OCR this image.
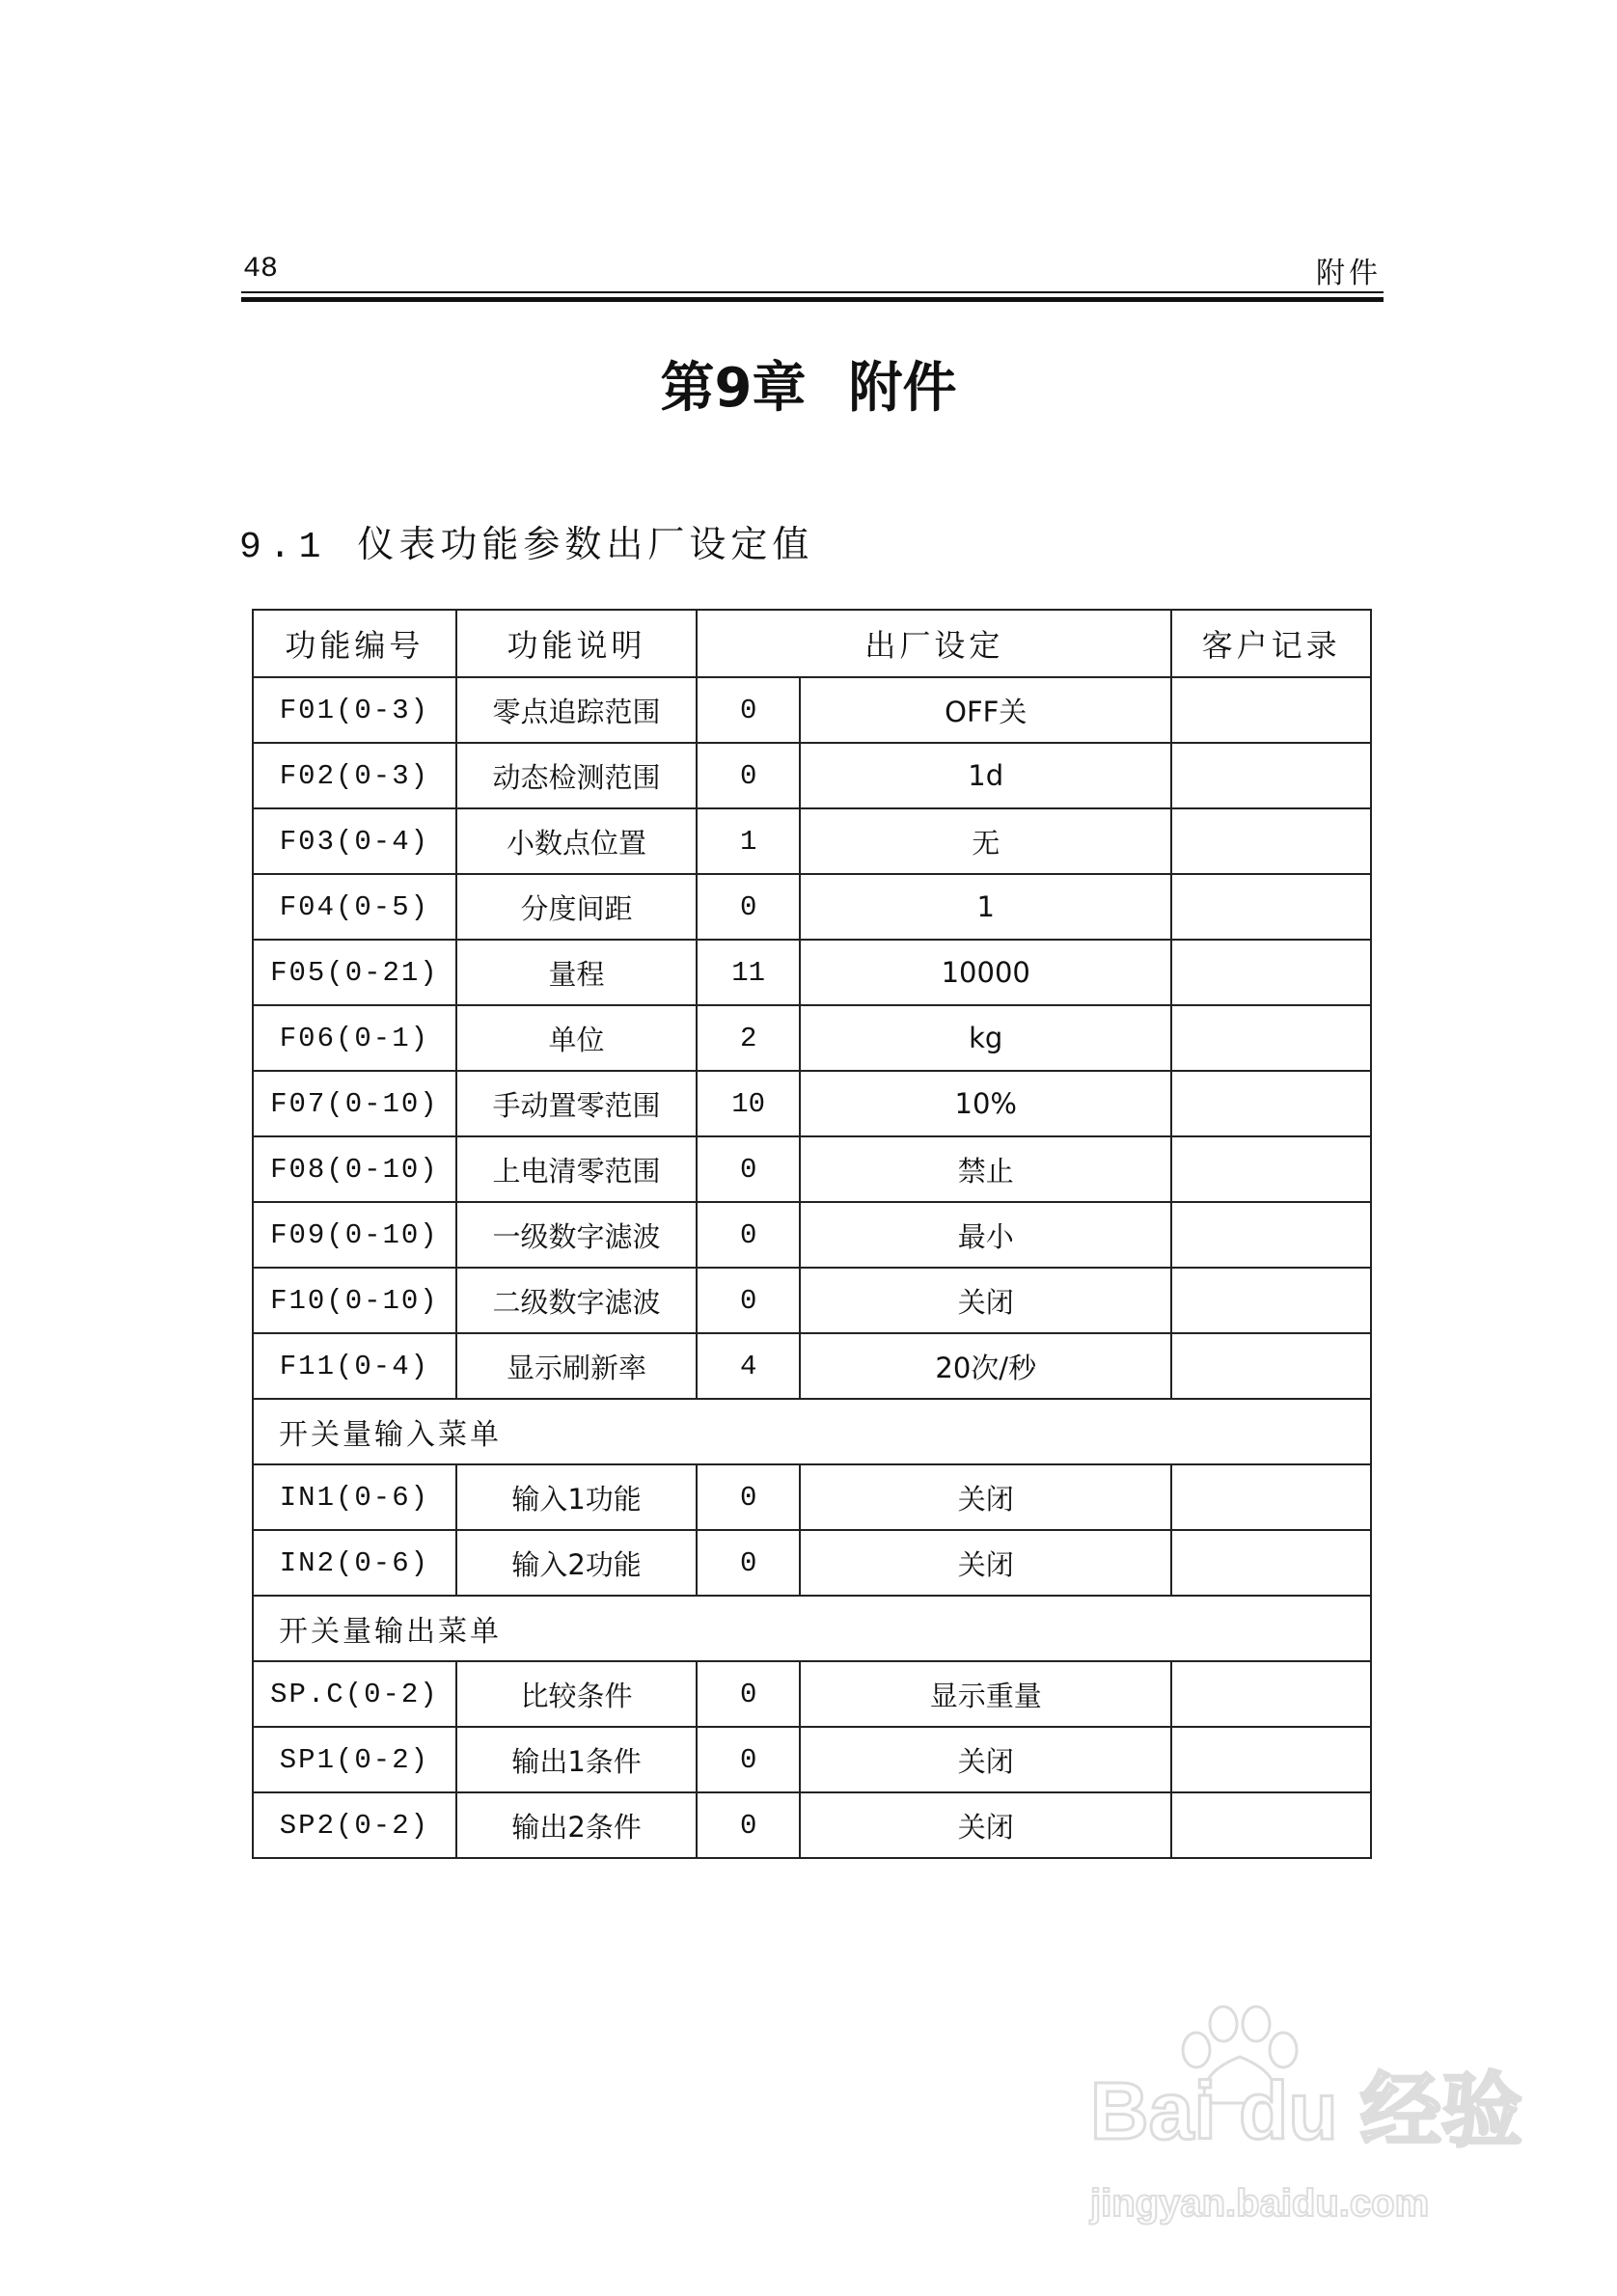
48	附件
第9章 附件
9.1 仪表功能参数出厂设定值
功能编号	功能说明	出厂设定		客户记录
F01(0-3)	零点追踪范围	0	OFF关	
F02(0-3)	动态检测范围	0	1d	
F03(0-4)	小数点位置	1	无	
F04(0-5)	分度间距	0	1	
F05(0-21)	量程	11	10000	
F06(0-1)	单位	2	kg	
F07(0-10)	手动置零范围	10	10%	
F08(0-10)	上电清零范围	0	禁止	
F09(0-10)	一级数字滤波	0	最小	
F10(0-10)	二级数字滤波	0	关闭	
F11(0-4)	显示刷新率	4	20次/秒	
开关量输入菜单				
IN1(0-6)	输入1功能	0	关闭	
IN2(0-6)	输入2功能	0	关闭	
开关量输出菜单				
SP.C(0-2)	比较条件	0	显示重量	
SP1(0-2)	输出1条件	0	关闭	
SP2(0-2)	输出2条件	0	关闭	
Bai du 经验
jingyan.baidu.com
